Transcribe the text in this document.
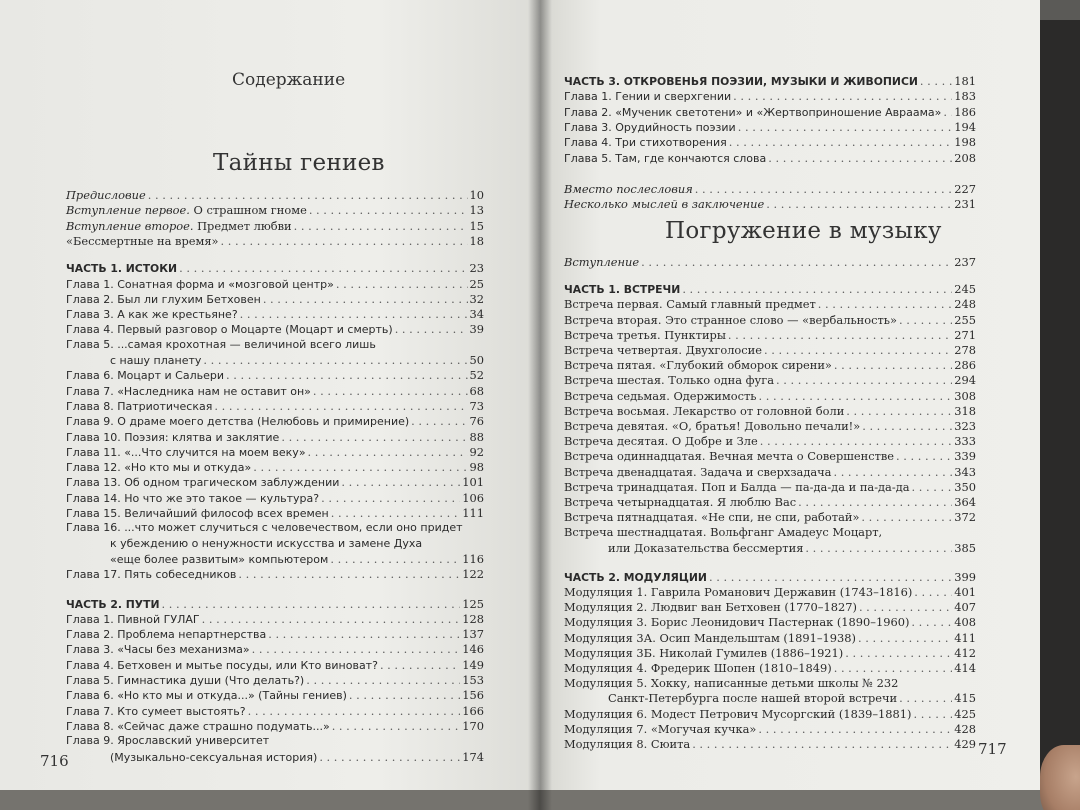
Содержание
Тайны гениев
Предисловие . . .	10
Вступление первое. О страшном гноме . . .	13
Вступление второе. Предмет любви . . .	15
«Бессмертные на время» . . .	18
ЧАСТЬ 1. ИСТОКИ . . .	23
Глава 1. Сонатная форма и «мозговой центр» . . .	25
Глава 2. Был ли глухим Бетховен . . .	32
Глава 3. А как же крестьяне? . . .	34
Глава 4. Первый разговор о Моцарте (Моцарт и смерть) . . .	39
Глава 5. ...самая крохотная — величиной всего лишь
с нашу планету . . .	50
Глава 6. Моцарт и Сальери . . .	52
Глава 7. «Наследника нам не оставит он» . . .	68
Глава 8. Патриотическая . . .	73
Глава 9. О драме моего детства (Нелюбовь и примирение) . . .	76
Глава 10. Поэзия: клятва и заклятие . . .	88
Глава 11. «...Что случится на моем веку» . . .	92
Глава 12. «Но кто мы и откуда» . . .	98
Глава 13. Об одном трагическом заблуждении . . .	101
Глава 14. Но что же это такое — культура? . . .	106
Глава 15. Величайший философ всех времен . . .	111
Глава 16. ...что может случиться с человечеством, если оно придет
к убеждению о ненужности искусства и замене Духа
«еще более развитым» компьютером . . .	116
Глава 17. Пять собеседников . . .	122
ЧАСТЬ 2. ПУТИ . . .	125
Глава 1. Пивной ГУЛАГ . . .	128
Глава 2. Проблема непартнерства . . .	137
Глава 3. «Часы без механизма» . . .	146
Глава 4. Бетховен и мытье посуды, или Кто виноват? . . .	149
Глава 5. Гимнастика души (Что делать?) . . .	153
Глава 6. «Но кто мы и откуда...» (Тайны гениев) . . .	156
Глава 7. Кто сумеет выстоять? . . .	166
Глава 8. «Сейчас даже страшно подумать...» . . .	170
Глава 9. Ярославский университет
(Музыкально-сексуальная история) . . .	174
716
ЧАСТЬ 3. ОТКРОВЕНЬЯ ПОЭЗИИ, МУЗЫКИ И ЖИВОПИСИ . . .	181
Глава 1. Гении и сверхгении . . .	183
Глава 2. «Мученик светотени» и «Жертвоприношение Авраама» . . . 186
Глава 3. Орудийность поэзии . . .	194
Глава 4. Три стихотворения . . .	198
Глава 5. Там, где кончаются слова . . .	208
Вместо послесловия . . .	227
Несколько мыслей в заключение . . .	231
Погружение в музыку
Вступление . . .	237
ЧАСТЬ 1. ВСТРЕЧИ . . .	245
Встреча первая. Самый главный предмет . . .	248
Встреча вторая. Это странное слово — «вербальность» . . .	255
Встреча третья. Пунктиры . . .	271
Встреча четвертая. Двухголосие . . .	278
Встреча пятая. «Глубокий обморок сирени» . . .	286
Встреча шестая. Только одна фуга . . .	294
Встреча седьмая. Одержимость . . .	308
Встреча восьмая. Лекарство от головной боли . . .	318
Встреча девятая. «О, братья! Довольно печали!» . . .	323
Встреча десятая. О Добре и Зле . . .	333
Встреча одиннадцатая. Вечная мечта о Совершенстве . . .	339
Встреча двенадцатая. Задача и сверхзадача . . .	343
Встреча тринадцатая. Поп и Балда — па-да-да и па-да-да . . .	350
Встреча четырнадцатая. Я люблю Вас . . .	364
Встреча пятнадцатая. «Не спи, не спи, работай» . . .	372
Встреча шестнадцатая. Вольфганг Амадеус Моцарт,
или Доказательства бессмертия . . .	385
ЧАСТЬ 2. МОДУЛЯЦИИ . . .	399
Модуляция 1. Гаврила Романович Державин (1743–1816) . . .	401
Модуляция 2. Людвиг ван Бетховен (1770–1827) . . .	407
Модуляция 3. Борис Леонидович Пастернак (1890–1960) . . .	408
Модуляция 3А. Осип Мандельштам (1891–1938) . . .	411
Модуляция 3Б. Николай Гумилев (1886–1921) . . .	412
Модуляция 4. Фредерик Шопен (1810–1849) . . .	414
Модуляция 5. Хокку, написанные детьми школы № 232
Санкт-Петербурга после нашей второй встречи . . .	415
Модуляция 6. Модест Петрович Мусоргский (1839–1881) . . .	425
Модуляция 7. «Могучая кучка» . . .	428
Модуляция 8. Сюита . . .	429 717
